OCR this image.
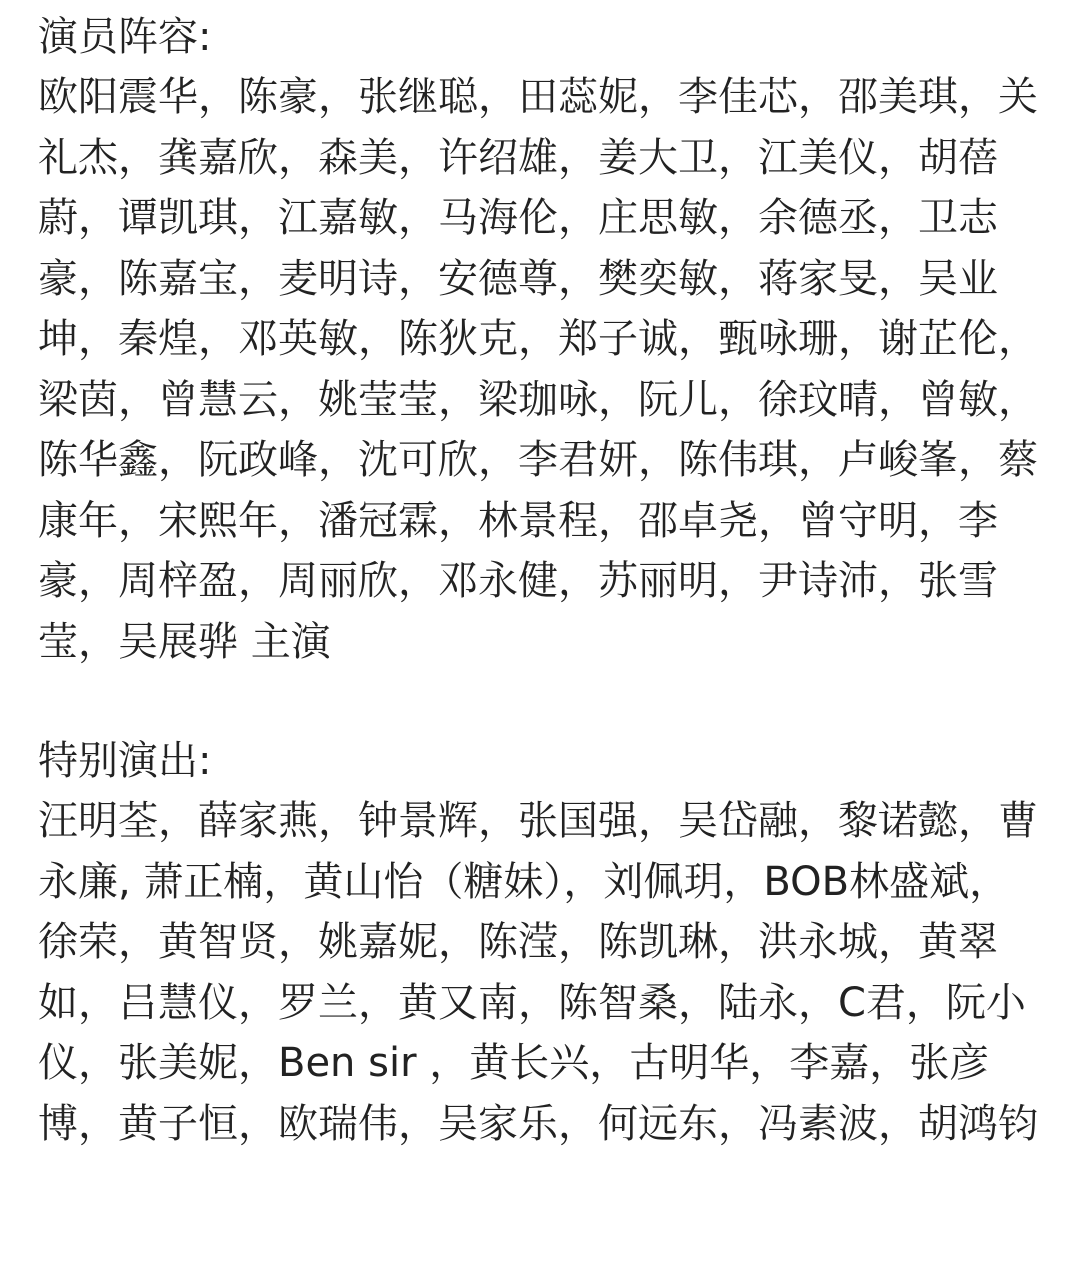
演员阵容:

欧阳震华，陈豪，张继聪，田蕊妮，李佳芯，邵美琪，关礼杰，龚嘉欣，森美，许绍雄，姜大卫，江美仪，胡蓓蔚，谭凯琪，江嘉敏，马海伦，庄思敏，余德丞，卫志豪，陈嘉宝，麦明诗，安德尊，樊奕敏，蒋家旻，吴业坤，秦煌，邓英敏，陈狄克，郑子诚，甄咏珊，谢芷伦，梁茵，曾慧云，姚莹莹，梁珈咏，阮儿，徐玟晴，曾敏，陈华鑫，阮政峰，沈可欣，李君妍，陈伟琪，卢峻峯，蔡康年，宋熙年，潘冠霖，林景程，邵卓尧，曾守明，李豪，周梓盈，周丽欣，邓永健，苏丽明，尹诗沛，张雪莹，吴展骅 主演

特别演出:

汪明荃，薛家燕，钟景辉，张国强，吴岱融，黎诺懿，曹永廉, 萧正楠，黄山怡（糖妹），刘佩玥，BOB林盛斌，徐荣，黄智贤，姚嘉妮，陈滢，陈凯琳，洪永城，黄翠如，吕慧仪，罗兰，黄又南，陈智桑，陆永，C君，阮小仪，张美妮，Ben sir ，黄长兴，古明华，李嘉，张彦博，黄子恒，欧瑞伟，吴家乐，何远东，冯素波，胡鸿钧
